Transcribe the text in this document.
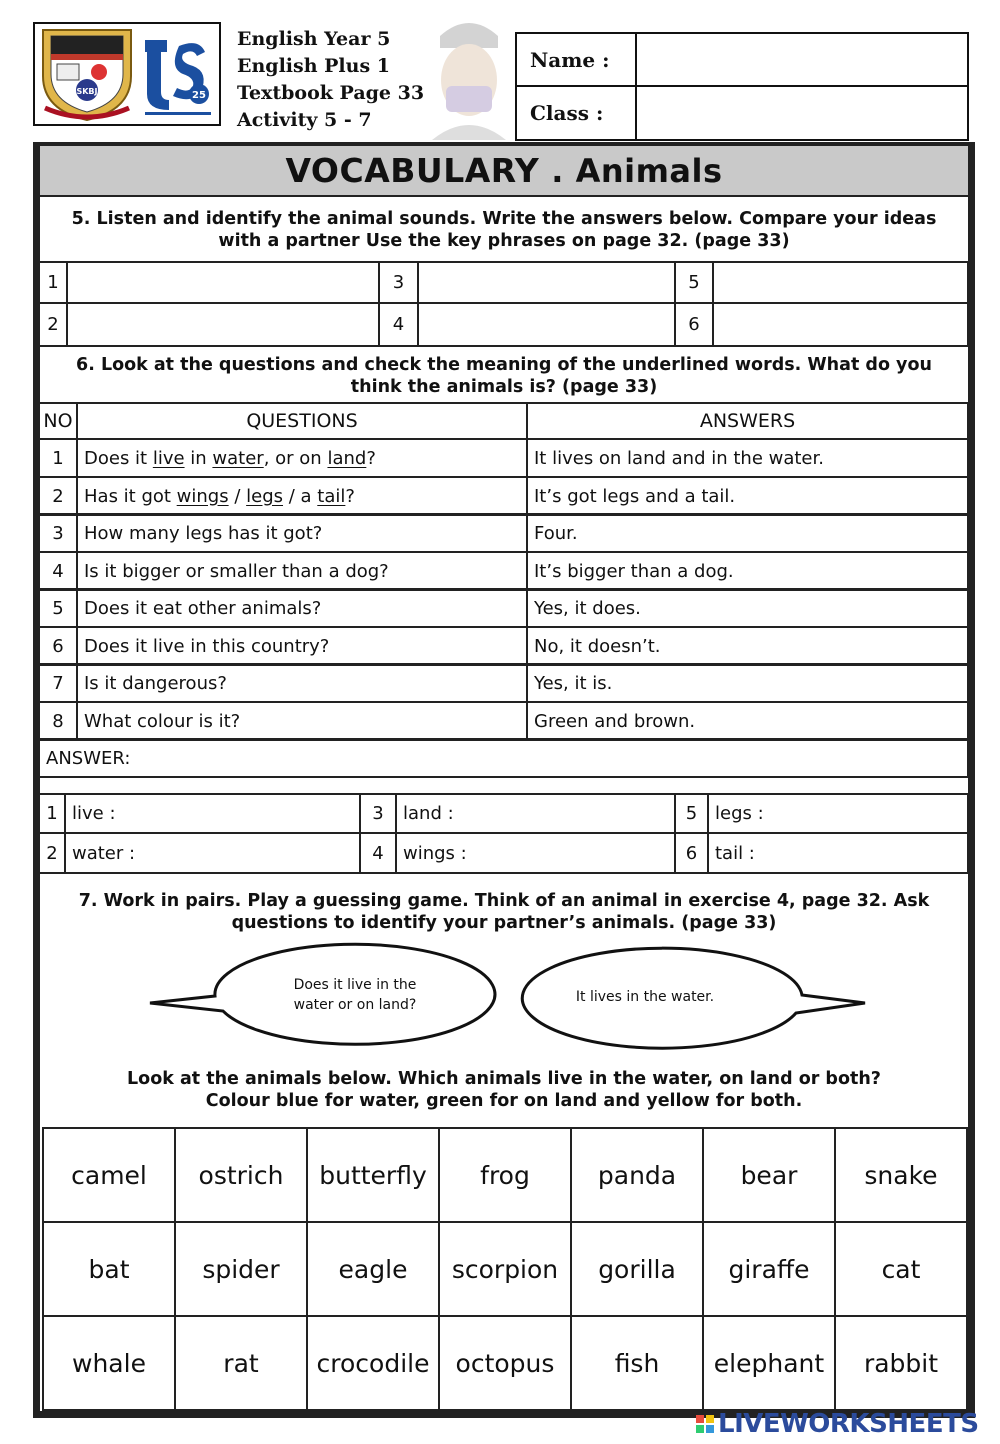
SKBJ	25
English Year 5
English Plus 1
Textbook Page 33
Activity 5 - 7
Name :
Class :
VOCABULARY . Animals
5. Listen and identify the animal sounds. Write the answers below. Compare your ideas
with a partner Use the key phrases on page 32. (page 33)
1	3	5
2	4	6
6. Look at the questions and check the meaning of the underlined words. What do you
think the animals is? (page 33)
NO	QUESTIONS	ANSWERS
1	Does it live in water , or on land ?	It lives on land and in the water.
2	Has it got wings / legs / a tail ?	It’s got legs and a tail.
3	How many legs has it got?	Four.
4	Is it bigger or smaller than a dog?	It’s bigger than a dog.
5	Does it eat other animals?	Yes, it does.
6	Does it live in this country?	No, it doesn’t.
7	Is it dangerous?	Yes, it is.
8	What colour is it?	Green and brown.
ANSWER:
1 live :	3	land :	5 legs :
2 water :	4	wings :	6 tail :
7. Work in pairs. Play a guessing game. Think of an animal in exercise 4, page 32. Ask
questions to identify your partner’s animals. (page 33)
Does it live in the
water or on land?	It lives in the water.
Look at the animals below. Which animals live in the water, on land or both?
Colour blue for water, green for on land and yellow for both.
camel	ostrich	butterfly	frog	panda	bear	snake
bat	spider	eagle	scorpion	gorilla	giraffe	cat
whale	rat	crocodile	octopus	fish	elephant	rabbit
LIVEWORKSHEETS
